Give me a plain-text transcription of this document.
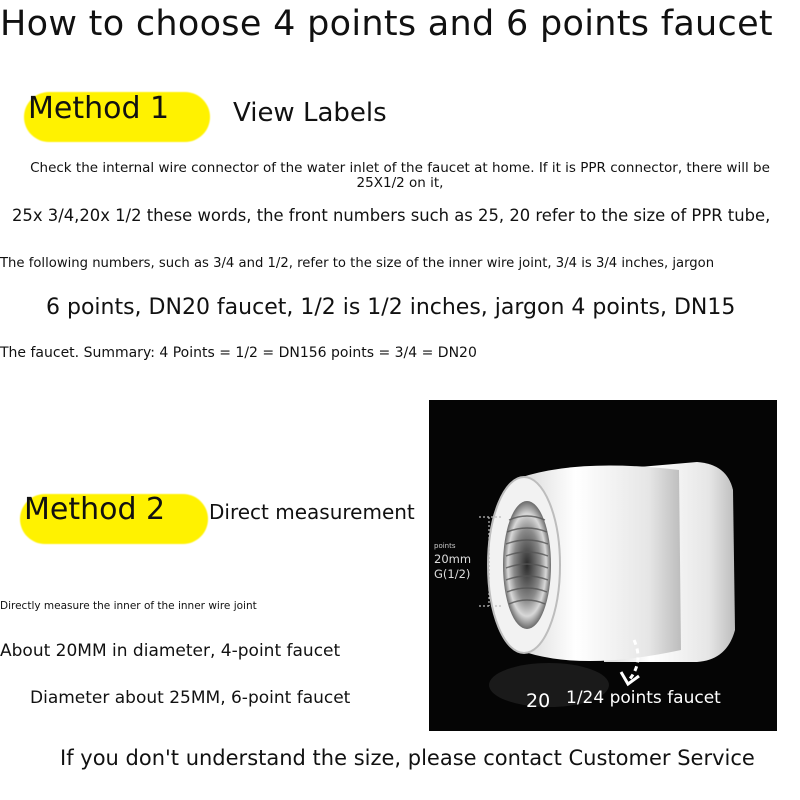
How to choose 4 points and 6 points faucet
Method 1 View Labels
Check the internal wire connector of the water inlet of the faucet at home. If it is PPR connector, there will be
25X1/2 on it,
25x 3/4,20x 1/2 these words, the front numbers such as 25, 20 refer to the size of PPR tube,
The following numbers, such as 3/4 and 1/2, refer to the size of the inner wire joint, 3/4 is 3/4 inches, jargon
6 points, DN20 faucet, 1/2 is 1/2 inches, jargon 4 points, DN15
The faucet. Summary: 4 Points = 1/2 = DN156 points = 3/4 = DN20
Method 2 Direct measurement
Directly measure the inner of the inner wire joint
About 20MM in diameter, 4-point faucet
Diameter about 25MM, 6-point faucet
points
20mm
G(1/2)
20 1/24 points faucet
If you don't understand the size, please contact Customer Service
